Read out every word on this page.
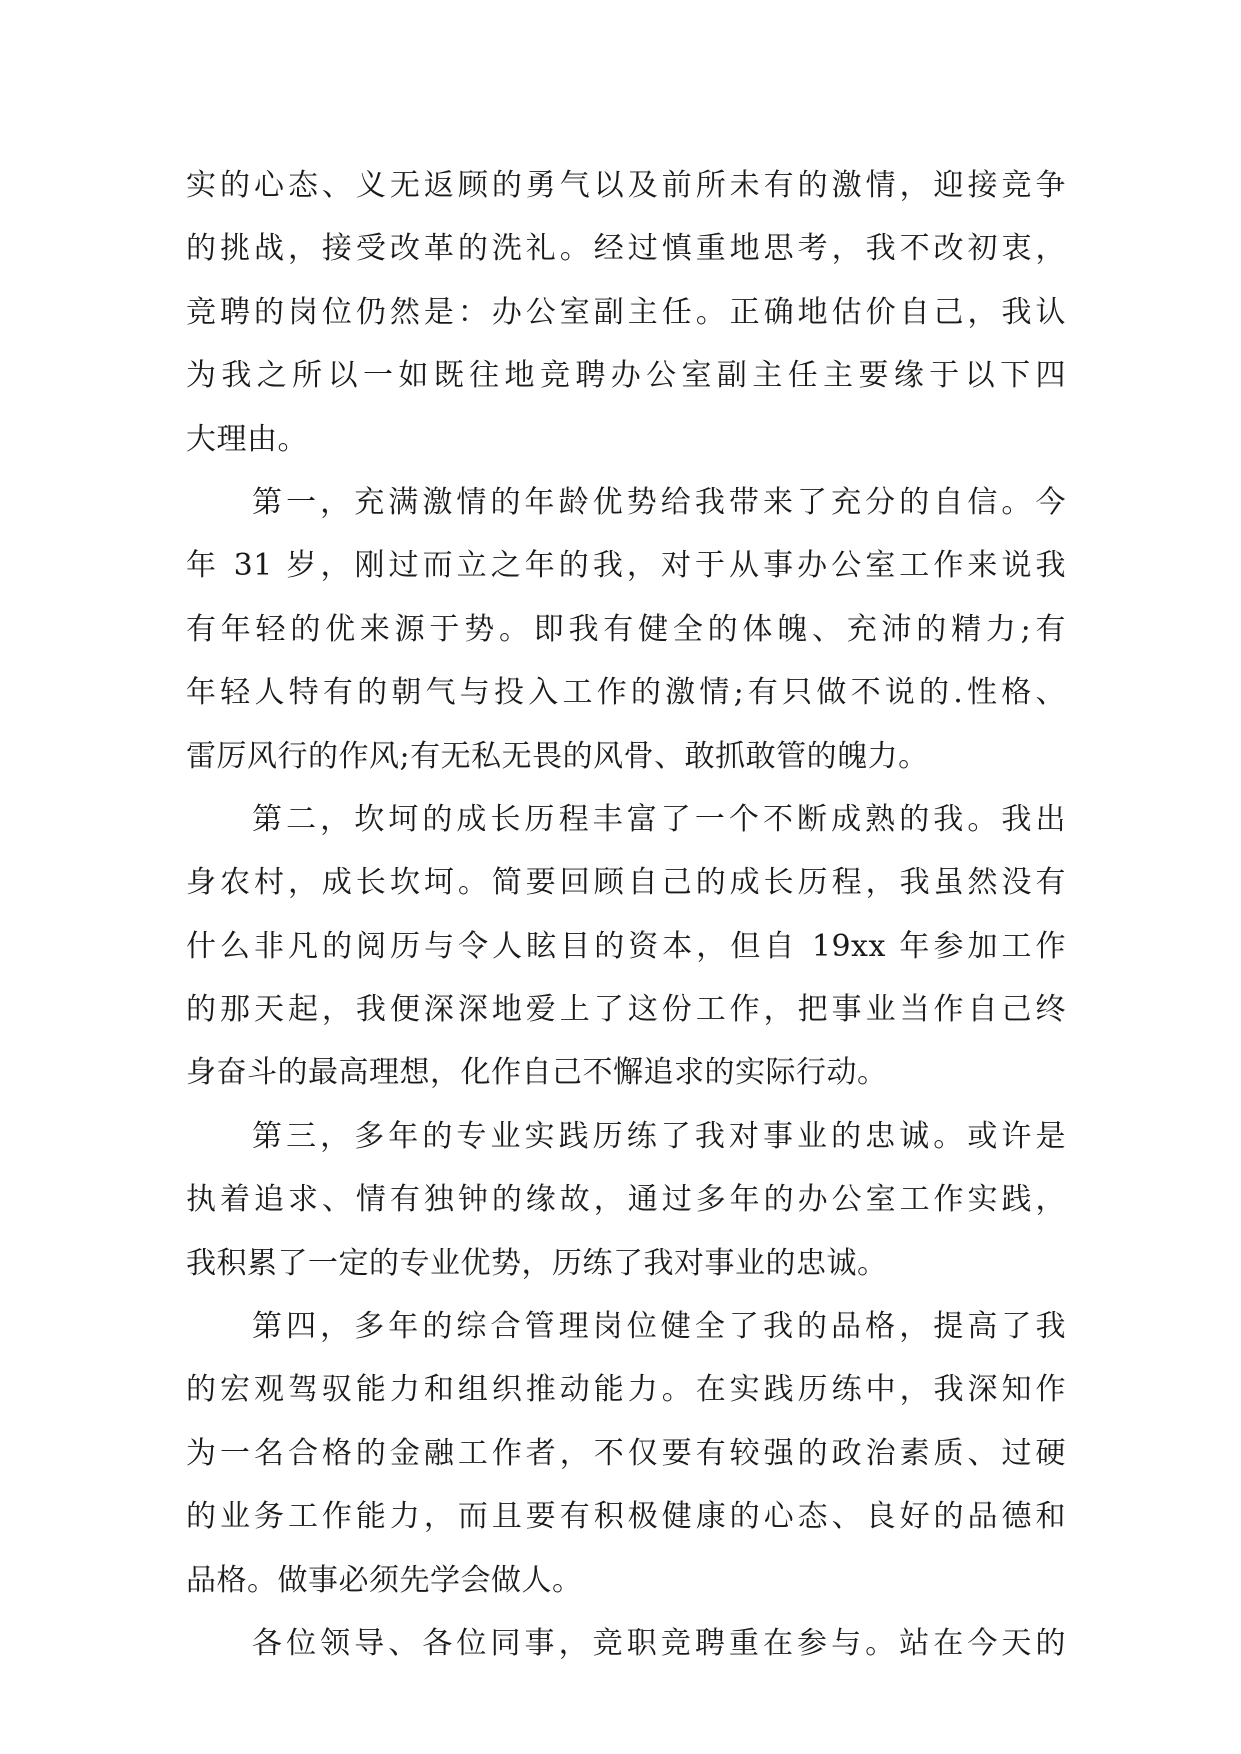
实的心态、义无返顾的勇气以及前所未有的激情，迎接竞争
的挑战，接受改革的洗礼。经过慎重地思考，我不改初衷，
竞聘的岗位仍然是：办公室副主任。正确地估价自己，我认
为我之所以一如既往地竞聘办公室副主任主要缘于以下四
大理由。
第一，充满激情的年龄优势给我带来了充分的自信。今
年 31 岁，刚过而立之年的我，对于从事办公室工作来说我
有年轻的优来源于势。即我有健全的体魄、充沛的精力;有
年轻人特有的朝气与投入工作的激情;有只做不说的.性格、
雷厉风行的作风;有无私无畏的风骨、敢抓敢管的魄力。
第二，坎坷的成长历程丰富了一个不断成熟的我。我出
身农村，成长坎坷。简要回顾自己的成长历程，我虽然没有
什么非凡的阅历与令人眩目的资本，但自 19xx 年参加工作
的那天起，我便深深地爱上了这份工作，把事业当作自己终
身奋斗的最高理想，化作自己不懈追求的实际行动。
第三，多年的专业实践历练了我对事业的忠诚。或许是
执着追求、情有独钟的缘故，通过多年的办公室工作实践，
我积累了一定的专业优势，历练了我对事业的忠诚。
第四，多年的综合管理岗位健全了我的品格，提高了我
的宏观驾驭能力和组织推动能力。在实践历练中，我深知作
为一名合格的金融工作者，不仅要有较强的政治素质、过硬
的业务工作能力，而且要有积极健康的心态、良好的品德和
品格。做事必须先学会做人。
各位领导、各位同事，竞职竞聘重在参与。站在今天的
